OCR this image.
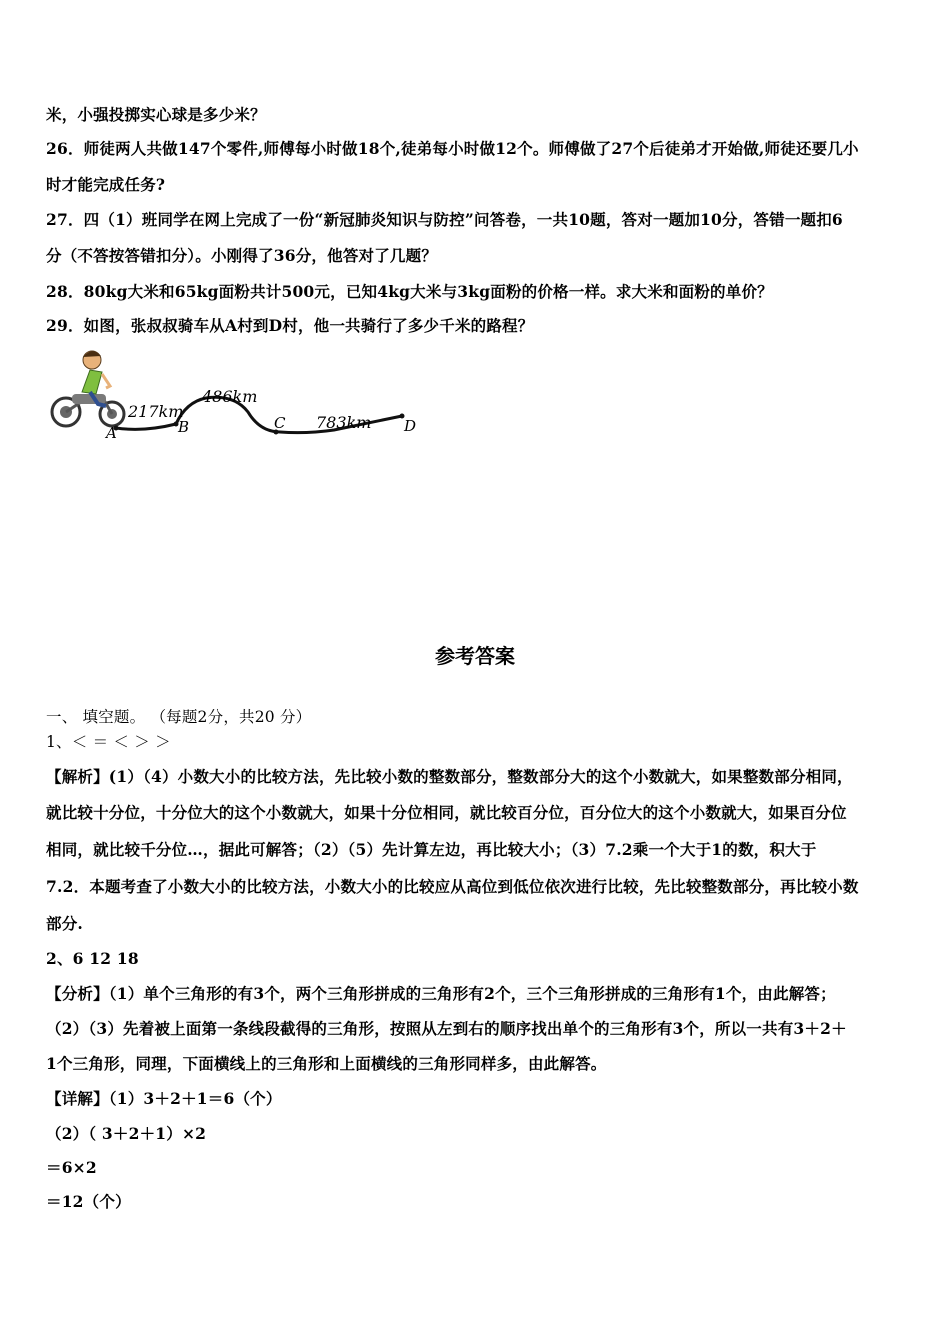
米，小强投掷实心球是多少米？
26．师徒两人共做147个零件,师傅每小时做18个,徒弟每小时做12个。师傅做了27个后徒弟才开始做,师徒还要几小
时才能完成任务?
27．四（1）班同学在网上完成了一份“新冠肺炎知识与防控”问答卷，一共10题，答对一题加10分，答错一题扣6
分（不答按答错扣分）。小刚得了36分，他答对了几题？
28．80kg大米和65kg面粉共计500元，已知4kg大米与3kg面粉的价格一样。求大米和面粉的单价？
29．如图，张叔叔骑车从A村到D村，他一共骑行了多少千米的路程？
A	B	C	D
217km
486km
783km
参考答案
一、 填空题。 （每题2分，共20 分）
1、＜ ＝ ＜ ＞ ＞
【解析】(1）（4）小数大小的比较方法，先比较小数的整数部分，整数部分大的这个小数就大，如果整数部分相同，
就比较十分位，十分位大的这个小数就大，如果十分位相同，就比较百分位，百分位大的这个小数就大，如果百分位
相同，就比较千分位…，据此可解答；（2）（5）先计算左边，再比较大小；（3）7.2乘一个大于1的数，积大于
7.2．本题考查了小数大小的比较方法，小数大小的比较应从高位到低位依次进行比较，先比较整数部分，再比较小数
部分.
2、6 12 18
【分析】（1）单个三角形的有3个，两个三角形拼成的三角形有2个，三个三角形拼成的三角形有1个，由此解答；
（2）（3）先着被上面第一条线段截得的三角形，按照从左到右的顺序找出单个的三角形有3个，所以一共有3＋2＋
1个三角形，同理，下面横线上的三角形和上面横线的三角形同样多，由此解答。
【详解】（1）3＋2＋1＝6（个）
（2）（ 3＋2＋1）×2
＝6×2
＝12（个）
